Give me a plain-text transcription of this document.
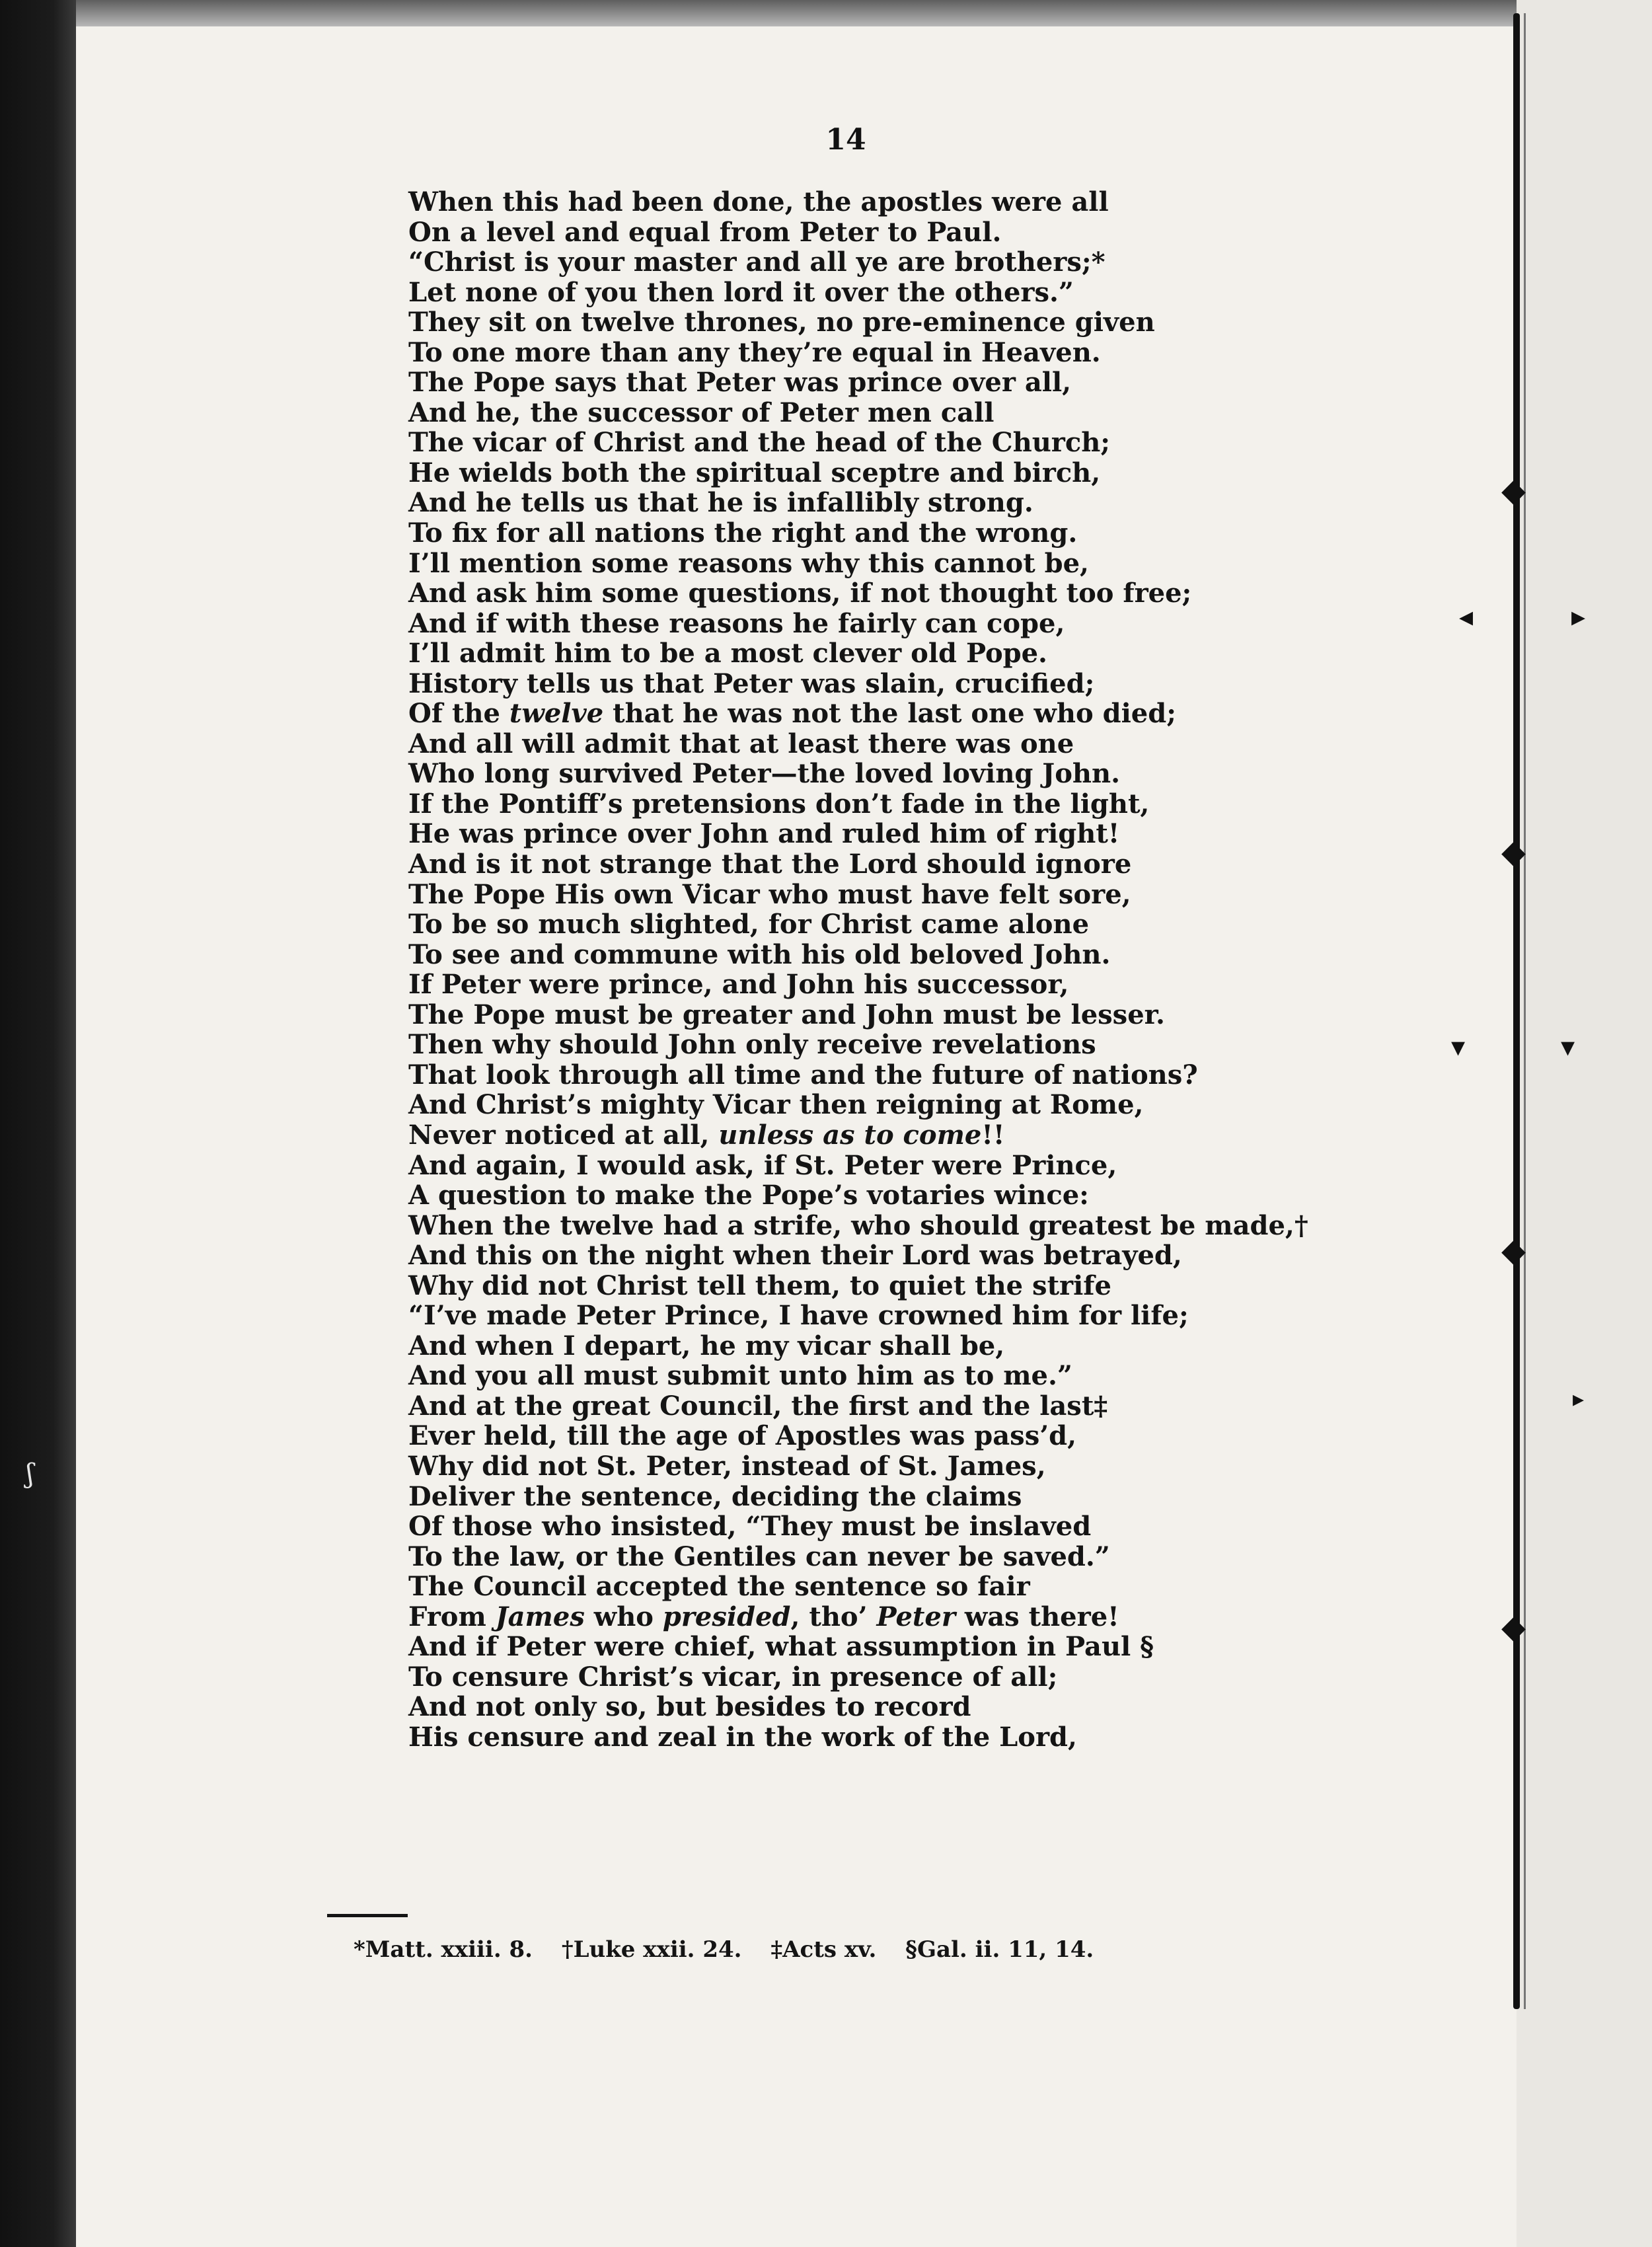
◆
◆
◆
◆
◂	▸
▾	▾
▸
ʃ
14
When this had been done, the apostles were all
On a level and equal from Peter to Paul.
“Christ is your master and all ye are brothers;*
Let none of you then lord it over the others.”
They sit on twelve thrones, no pre-eminence given
To one more than any they’re equal in Heaven.
The Pope says that Peter was prince over all,
And he, the successor of Peter men call
The vicar of Christ and the head of the Church;
He wields both the spiritual sceptre and birch,
And he tells us that he is infallibly strong.
To fix for all nations the right and the wrong.
I’ll mention some reasons why this cannot be,
And ask him some questions, if not thought too free;
And if with these reasons he fairly can cope,
I’ll admit him to be a most clever old Pope.
History tells us that Peter was slain, crucified;
Of the twelve that he was not the last one who died;
And all will admit that at least there was one
Who long survived Peter—the loved loving John.
If the Pontiff’s pretensions don’t fade in the light,
He was prince over John and ruled him of right!
And is it not strange that the Lord should ignore
The Pope His own Vicar who must have felt sore,
To be so much slighted, for Christ came alone
To see and commune with his old beloved John.
If Peter were prince, and John his successor,
The Pope must be greater and John must be lesser.
Then why should John only receive revelations
That look through all time and the future of nations?
And Christ’s mighty Vicar then reigning at Rome,
Never noticed at all, unless as to come!!
And again, I would ask, if St. Peter were Prince,
A question to make the Pope’s votaries wince:
When the twelve had a strife, who should greatest be made,†
And this on the night when their Lord was betrayed,
Why did not Christ tell them, to quiet the strife
“I’ve made Peter Prince, I have crowned him for life;
And when I depart, he my vicar shall be,
And you all must submit unto him as to me.”
And at the great Council, the first and the last‡
Ever held, till the age of Apostles was pass’d,
Why did not St. Peter, instead of St. James,
Deliver the sentence, deciding the claims
Of those who insisted, “They must be inslaved
To the law, or the Gentiles can never be saved.”
The Council accepted the sentence so fair
From James who presided, tho’ Peter was there!
And if Peter were chief, what assumption in Paul §
To censure Christ’s vicar, in presence of all;
And not only so, but besides to record
His censure and zeal in the work of the Lord,
*Matt. xxiii. 8. †Luke xxii. 24. ‡Acts xv. §Gal. ii. 11, 14.
